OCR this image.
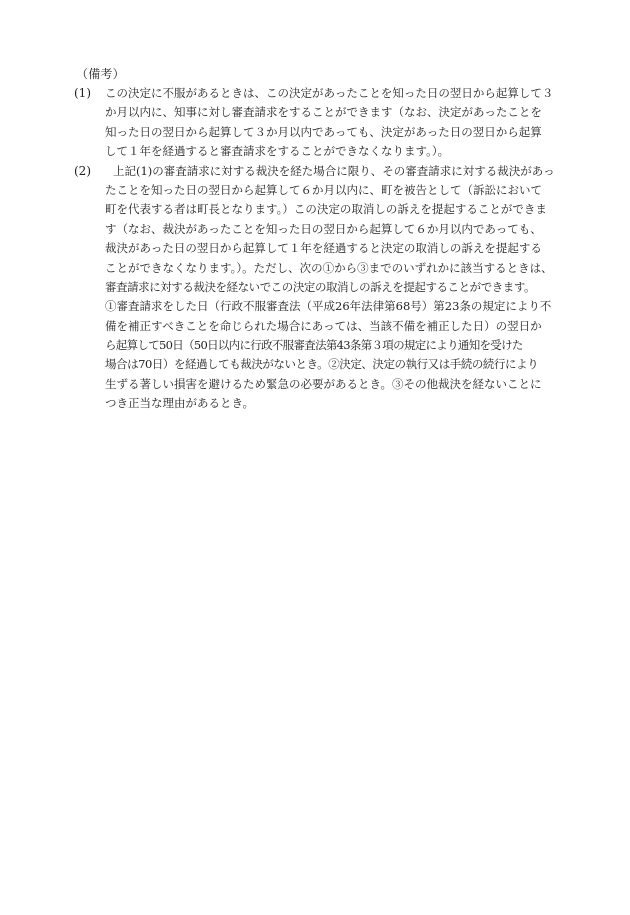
（備考）
(1) この決定に不服があるときは、この決定があったことを知った日の翌日から起算して３
か月以内に、知事に対し審査請求をすることができます（なお、決定があったことを
知った日の翌日から起算して３か月以内であっても、決定があった日の翌日から起算
して１年を経過すると審査請求をすることができなくなります。）。
(2)	上記(1)の審査請求に対する裁決を経た場合に限り、その審査請求に対する裁決があっ
たことを知った日の翌日から起算して６か月以内に、町を被告として（訴訟において
町を代表する者は町長となります。）この決定の取消しの訴えを提起することができま
す（なお、裁決があったことを知った日の翌日から起算して６か月以内であっても、
裁決があった日の翌日から起算して１年を経過すると決定の取消しの訴えを提起する
ことができなくなります。）。ただし、次の①から③までのいずれかに該当するときは、
審査請求に対する裁決を経ないでこの決定の取消しの訴えを提起することができます。
①審査請求をした日（行政不服審査法（平成26年法律第68号）第23条の規定により不
備を補正すべきことを命じられた場合にあっては、当該不備を補正した日）の翌日か
ら起算して50日（50日以内に行政不服審査法第43条第３項の規定により通知を受けた
場合は70日）を経過しても裁決がないとき。②決定、決定の執行又は手続の続行により
生ずる著しい損害を避けるため緊急の必要があるとき。③その他裁決を経ないことに
つき正当な理由があるとき。
